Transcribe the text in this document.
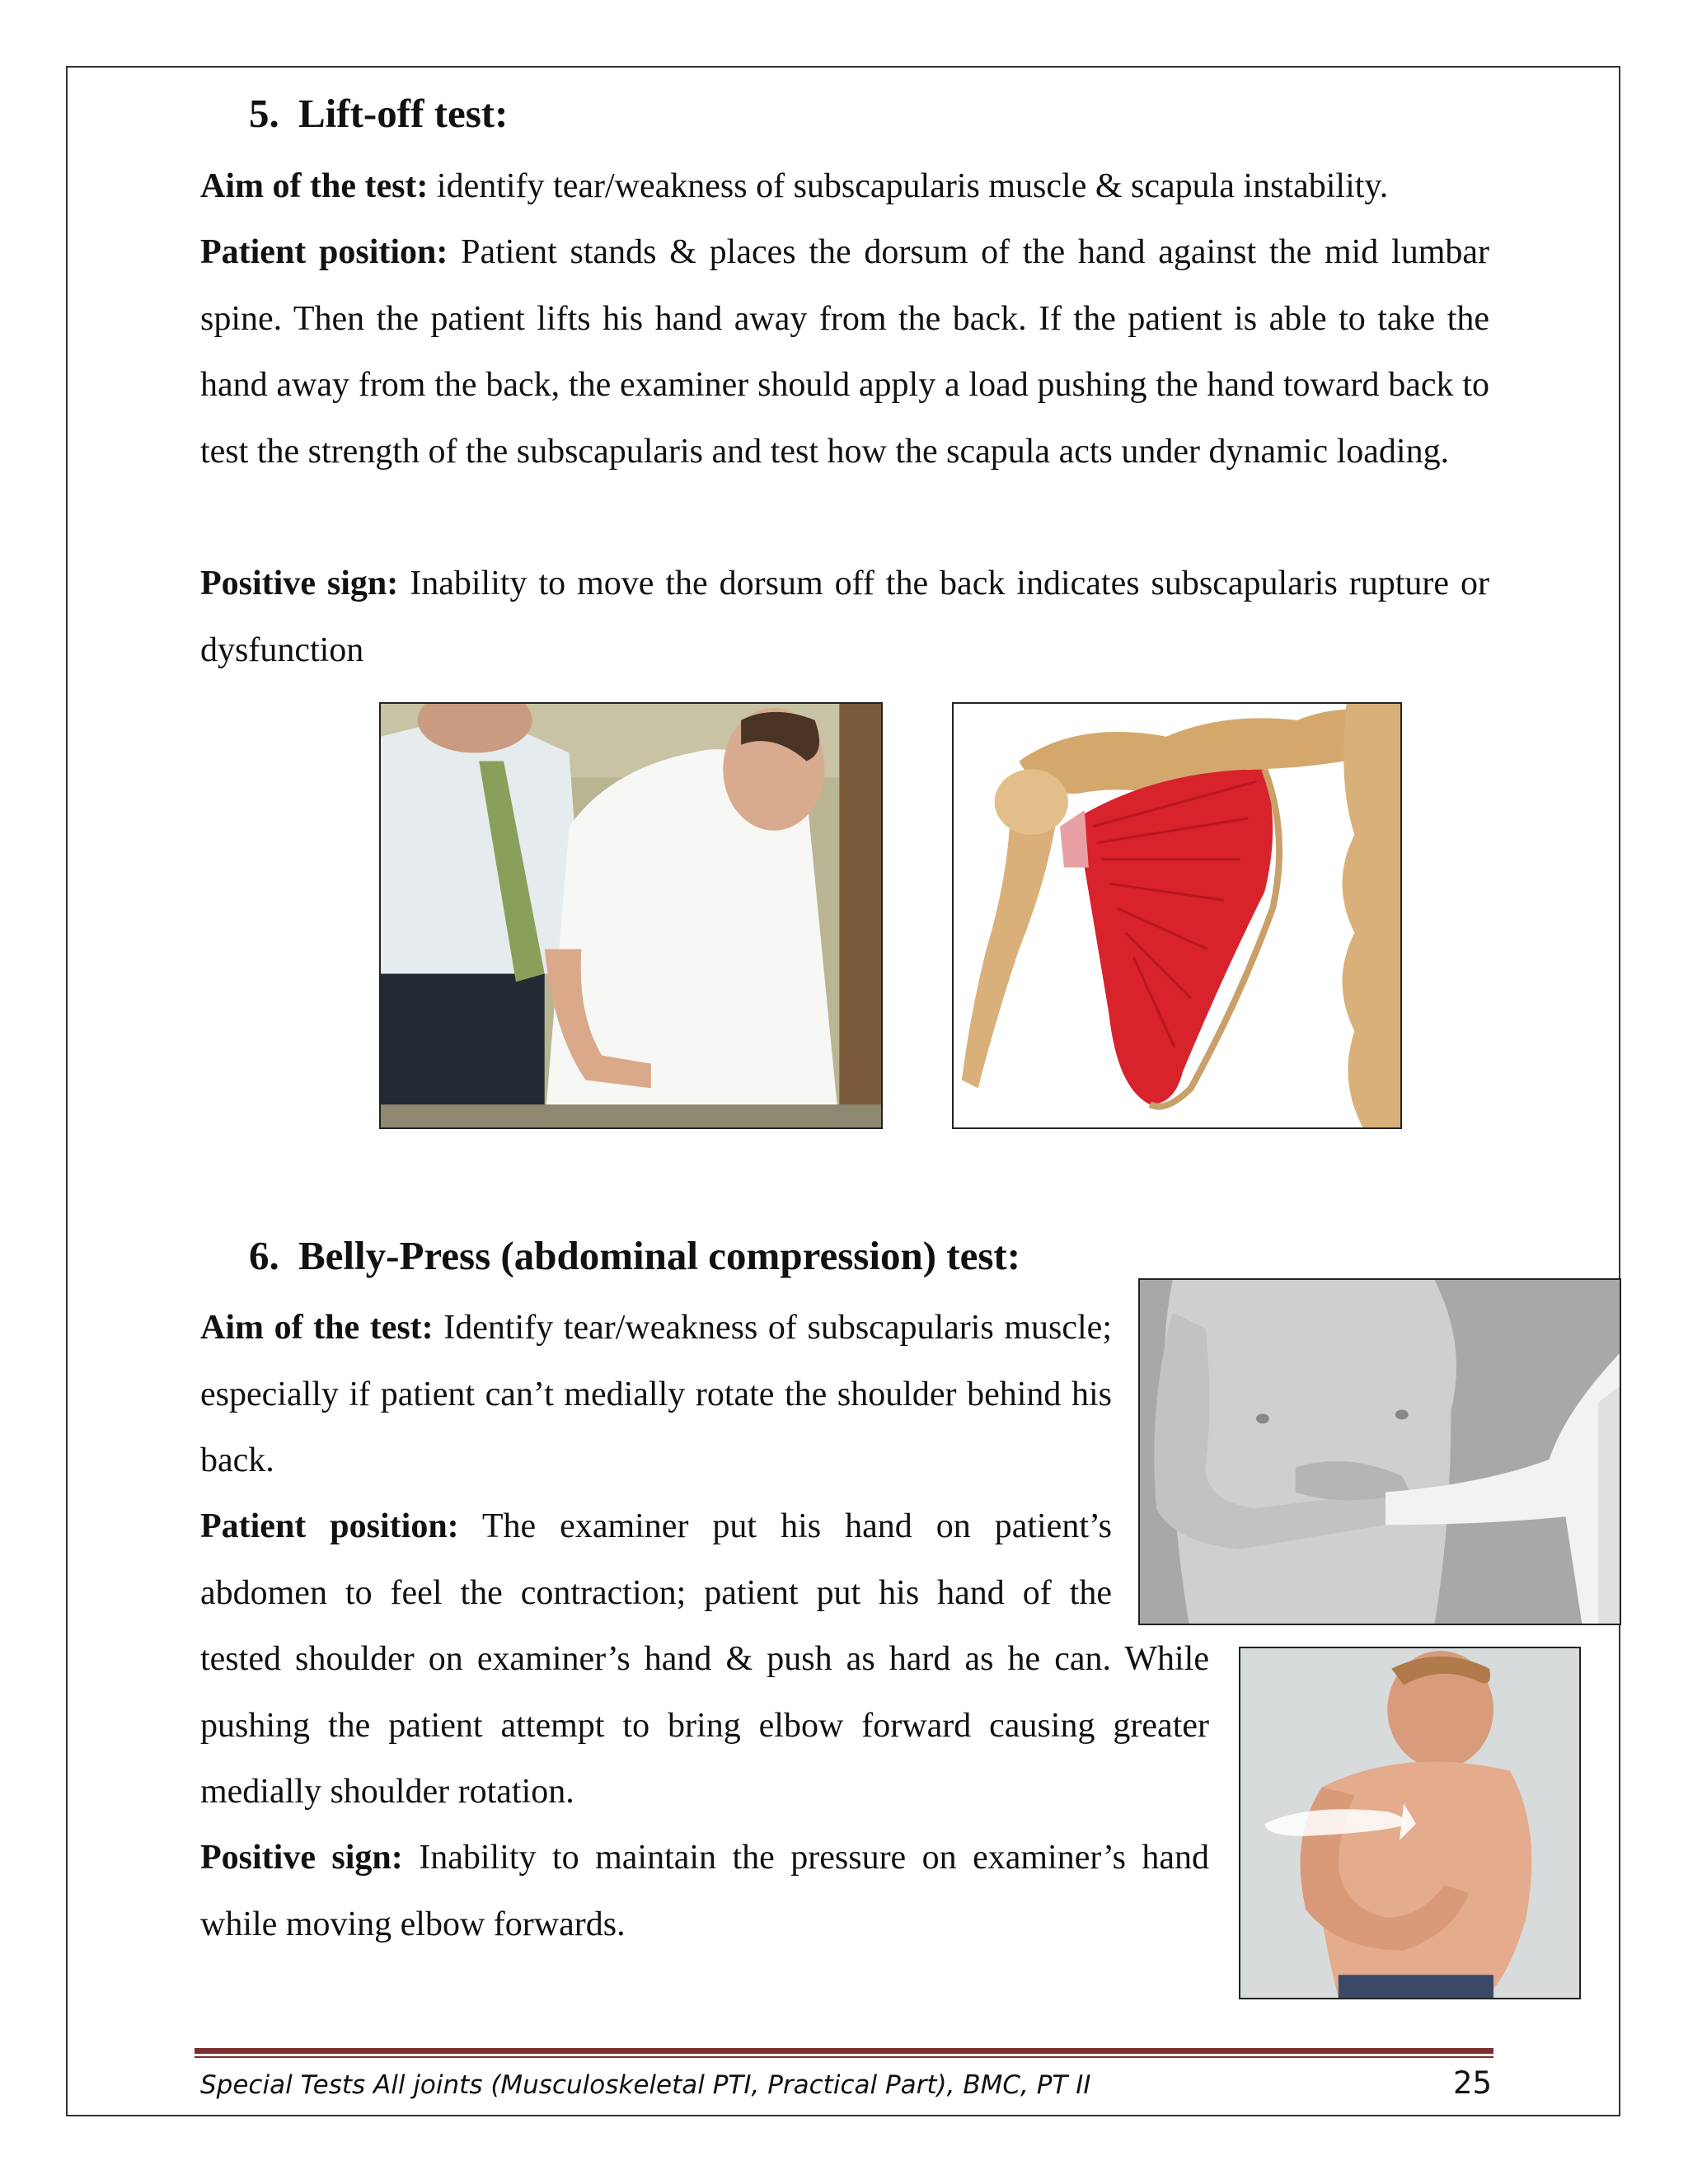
5. Lift-off test:

Aim of the test: identify tear/weakness of subscapularis muscle & scapula instability.

Patient position: Patient stands & places the dorsum of the hand against the mid lumbar spine. Then the patient lifts his hand away from the back. If the patient is able to take the hand away from the back, the examiner should apply a load pushing the hand toward back to test the strength of the subscapularis and test how the scapula acts under dynamic loading.

Positive sign: Inability to move the dorsum off the back indicates subscapularis rupture or dysfunction

6. Belly-Press (abdominal compression) test:

Aim of the test: Identify tear/weakness of subscapularis muscle; especially if patient can’t medially rotate the shoulder behind his back.

Patient position: The examiner put his hand on patient’s abdomen to feel the contraction; patient put his hand of the

tested shoulder on examiner’s hand & push as hard as he can. While pushing the patient attempt to bring elbow forward causing greater medially shoulder rotation.

Positive sign: Inability to maintain the pressure on examiner’s hand while moving elbow forwards.

Special Tests All joints (Musculoskeletal PTI, Practical Part), BMC, PT II	25
